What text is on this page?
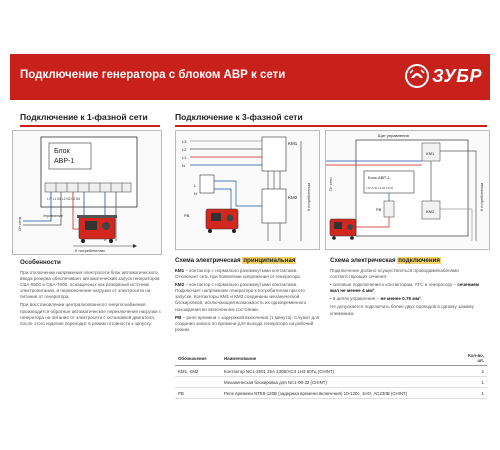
Подключение генератора с блоком АВР к сети	ЗУБР
Подключение к 1-фазной сети	Подключение к 3-фазной сети
Блок
АВР-1
L N L1 N1 L2 N2 L3 N3
От сети
Управление
К потребителям
L3
L2
L1
N
KM1
KM2
L
N
PB
К потребителям
Щит управления
KM1
KM2
Блок АВР-1
L N L1 N1 L2 N2 L3 N3
PB
От сети	К потребителям
Особенности

При отключении напряжения электросети блок автоматического ввода резерва обеспечивает автоматический запуск генераторов СБА-5500 и СБА-7000, оснащенных как резервный источник электропитания, и переключение нагрузки от электросети на питание от генератора.

При восстановлении централизованного энергоснабжения производится обратное автоматическое переключение нагрузки с генератора на питание от электросети с остановкой двигателя, после этого изделие переходит в режим готовности к запуску.

Схема электрическая принципиальная

КМ1 – контактор с нормально разомкнутыми контактами. Отключает сеть при появлении напряжения от генератора.

КМ2 – контактор с нормально разомкнутыми контактами. Подключает напряжение генератора к потребителям при его запуске. Контакторы КМ1 и КМ2 соединены механической блокировкой, исключающей возможность их одновременного нахождения во включенном состоянии.

PB – реле времени с задержкой включения (1 минута). Служит для создания запаса по времени для выхода генератора на рабочий режим.

Схема электрическая подключения

Подключение должно осуществляться проводами/кабелями соответствующих сечения:

• силовые подключения к контакторам, АТС и генератору – сечением жил не менее 4 мм²;

• в цепях управления – не менее 0.75 мм².

Не допускается подключать более двух проводов в одному зажиму клеммника.

Обозначение	Наименование	Кол-во, шт.
KM1, KM2	Контактор NC1-2501 25А 230В/АС3 1НЗ 50Гц (CHINT)	2
	Механическая блокировка для NC1-09-32 (CHINT)	1
PB	Реле времени NTE8-120В (задержка времени включения) 10-120с, 1НО, АС230В (CHINT)	1
